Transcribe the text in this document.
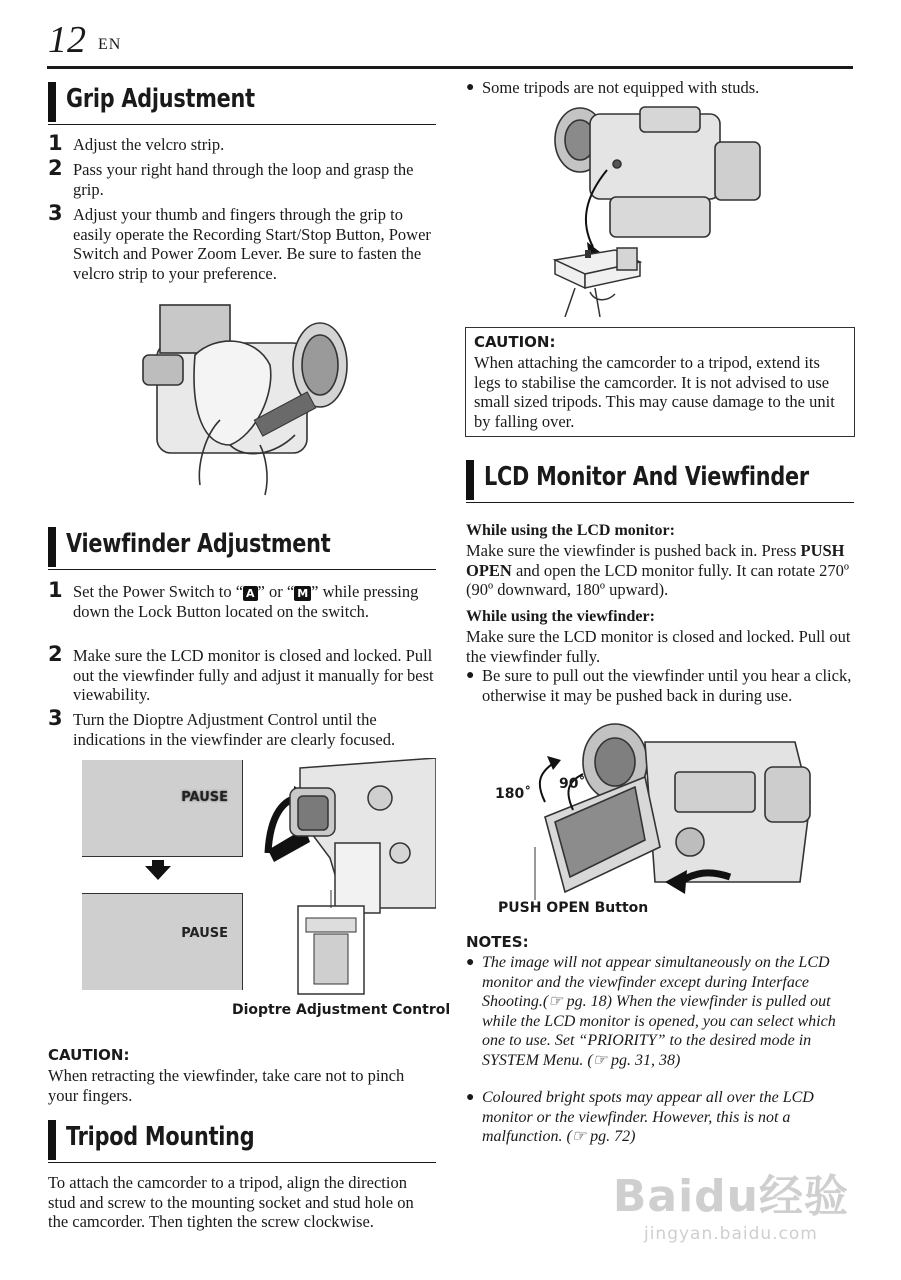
12 EN
Grip Adjustment
1 Adjust the velcro strip.
2 Pass your right hand through the loop and grasp the grip.
3 Adjust your thumb and fingers through the grip to easily operate the Recording Start/Stop Button, Power Switch and Power Zoom Lever. Be sure to fasten the velcro strip to your preference.
Viewfinder Adjustment
1 Set the Power Switch to “ A ” or “ M ” while pressing down the Lock Button located on the switch.
2 Make sure the LCD monitor is closed and locked. Pull out the viewfinder fully and adjust it manually for best viewability.
3 Turn the Dioptre Adjustment Control until the indications in the viewfinder are clearly focused.
PAUSE
PAUSE
Dioptre Adjustment Control
CAUTION:
When retracting the viewfinder, take care not to pinch your fingers.
Tripod Mounting
To attach the camcorder to a tripod, align the direction stud and screw to the mounting socket and stud hole on the camcorder. Then tighten the screw clockwise.
● Some tripods are not equipped with studs.
CAUTION:
When attaching the camcorder to a tripod, extend its legs to stabilise the camcorder. It is not advised to use small sized tripods. This may cause damage to the unit by falling over.
LCD Monitor And Viewfinder
While using the LCD monitor:
Make sure the viewfinder is pushed back in. Press PUSH OPEN and open the LCD monitor fully. It can rotate 270º (90º downward, 180º upward).
While using the viewfinder:
Make sure the LCD monitor is closed and locked. Pull out the viewfinder fully.
● Be sure to pull out the viewfinder until you hear a click, otherwise it may be pushed back in during use.
180˚
90˚
PUSH OPEN Button
NOTES:
● The image will not appear simultaneously on the LCD monitor and the viewfinder except during Interface Shooting.(☞ pg. 18) When the viewfinder is pulled out while the LCD monitor is opened, you can select which one to use. Set “PRIORITY” to the desired mode in SYSTEM Menu. (☞ pg. 31, 38)
● Coloured bright spots may appear all over the LCD monitor or the viewfinder. However, this is not a malfunction. (☞ pg. 72)
Baidu经验
jingyan.baidu.com
